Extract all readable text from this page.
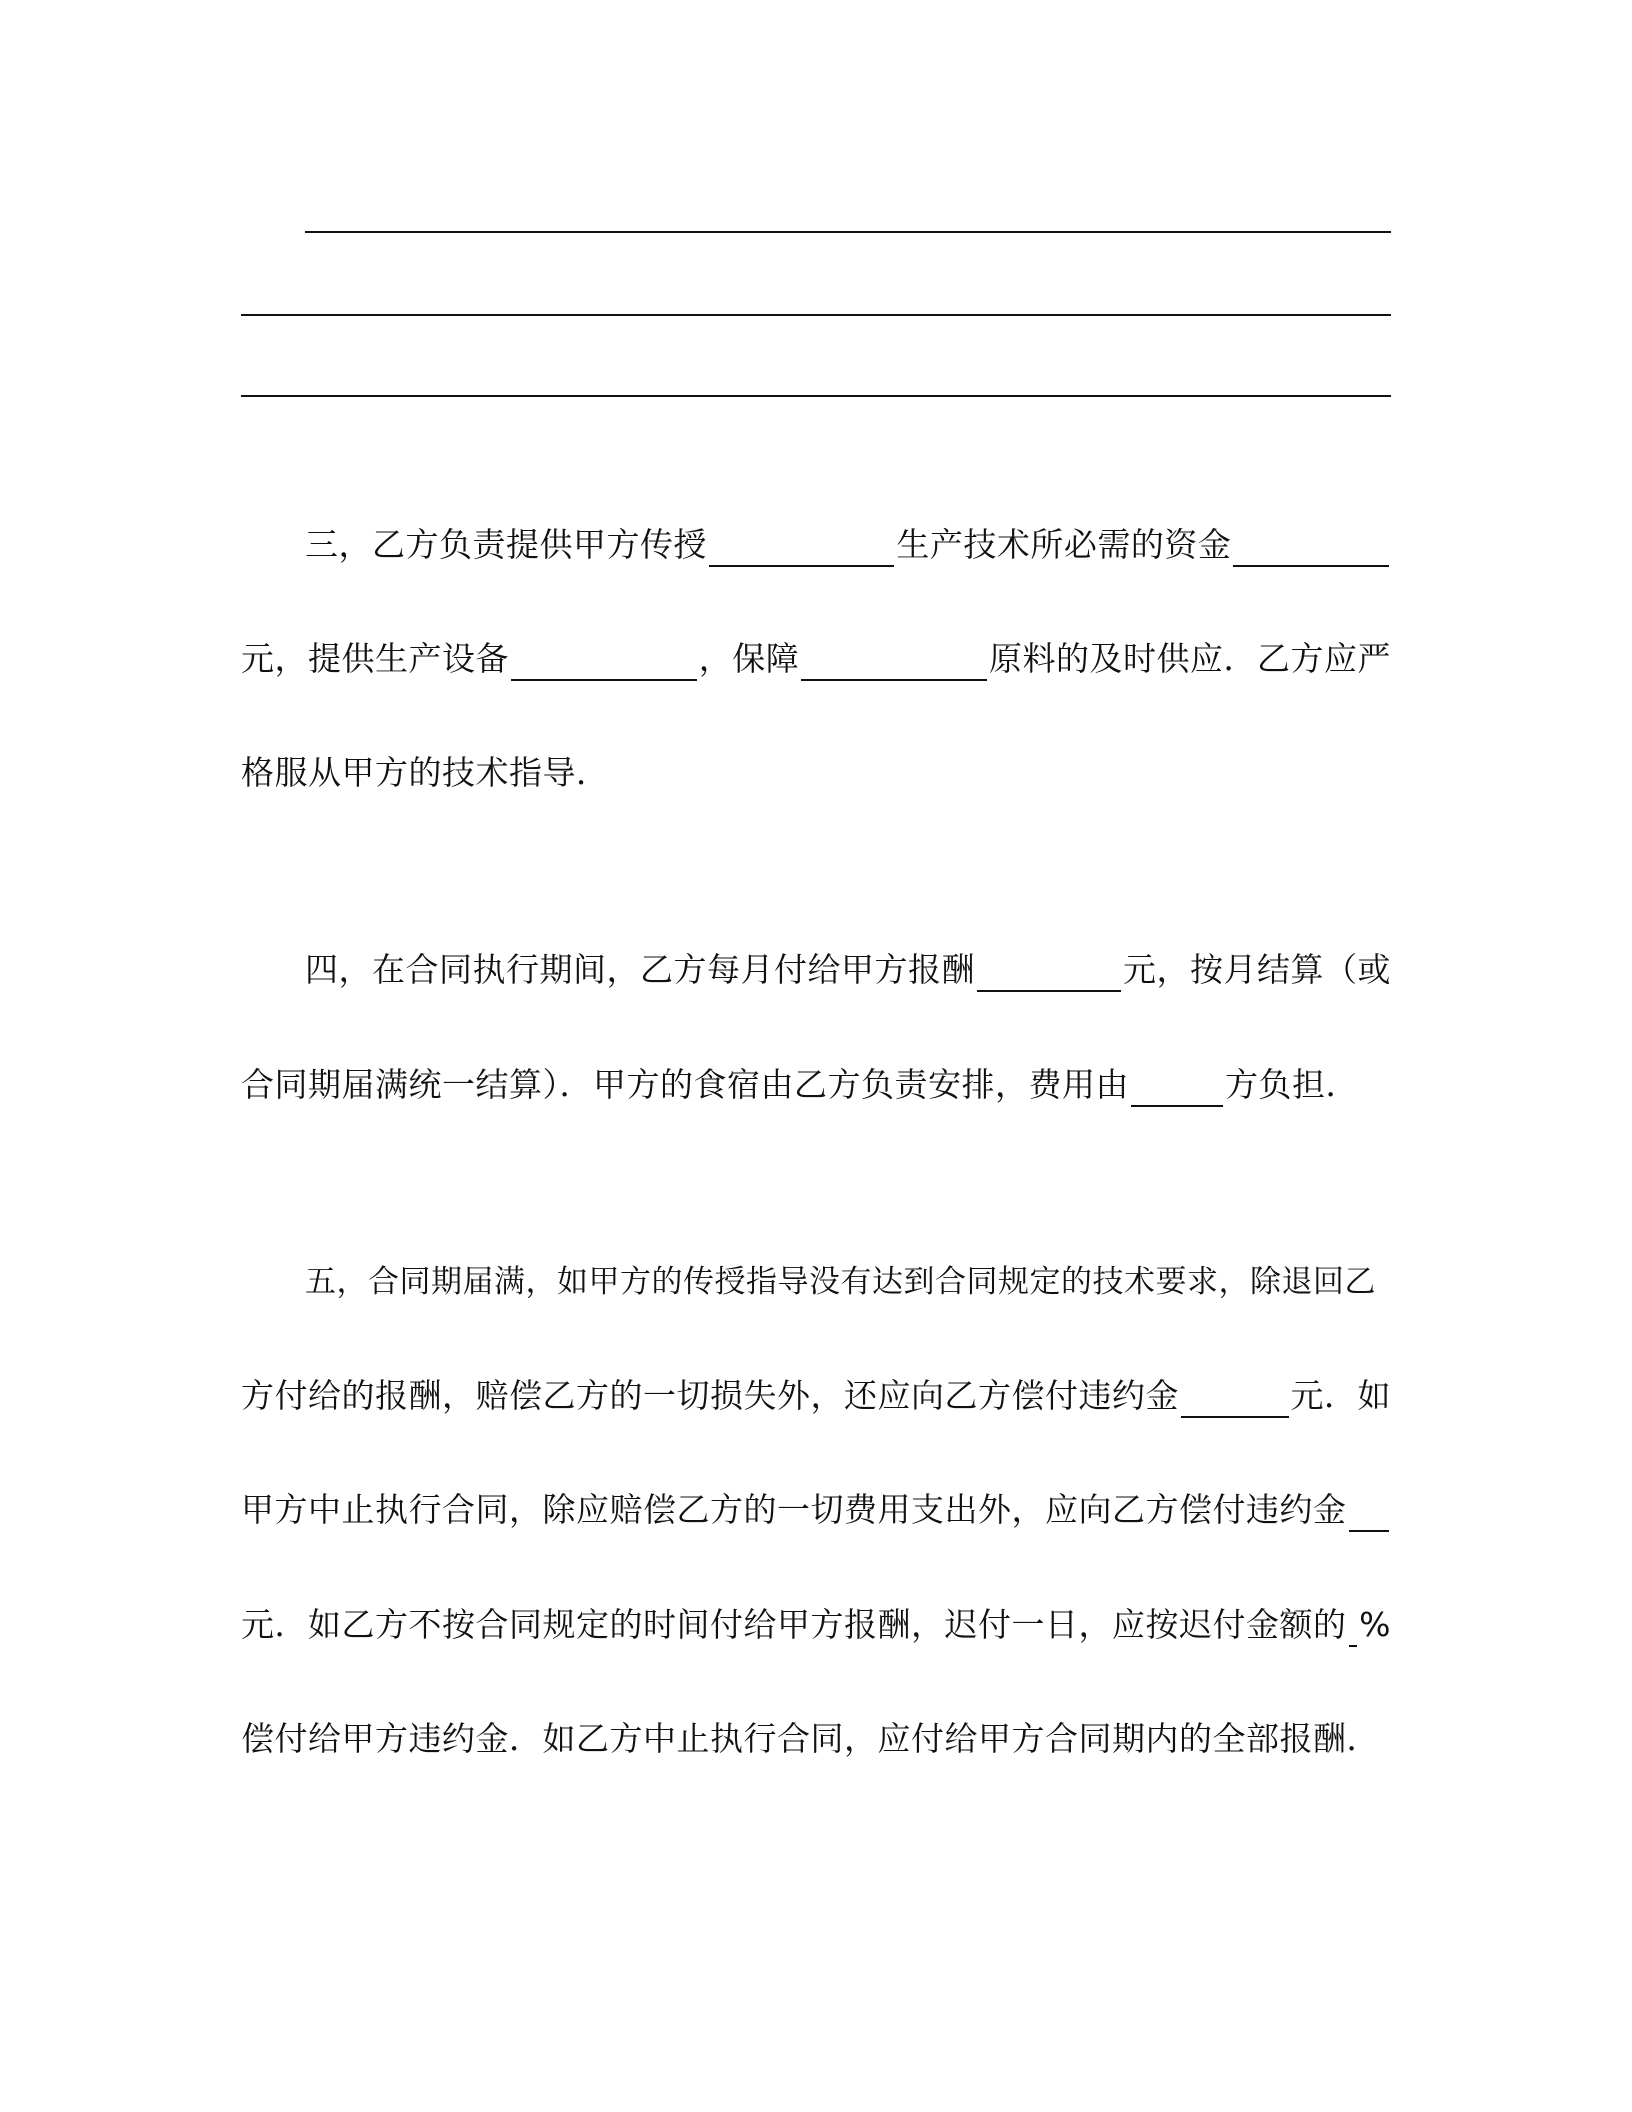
三，乙方负责提供甲方传授	生产技术所必需的资金
元，提供生产设备	，保障	原料的及时供应．乙方应严
格服从甲方的技术指导．
四，在合同执行期间，乙方每月付给甲方报酬	元，按月结算（或
合同期届满统一结算）．甲方的食宿由乙方负责安排，费用由	方负担．
五，合同期届满，如甲方的传授指导没有达到合同规定的技术要求，除退回乙
方付给的报酬，赔偿乙方的一切损失外，还应向乙方偿付违约金	元．如
甲方中止执行合同，除应赔偿乙方的一切费用支出外，应向乙方偿付违约金
元．如乙方不按合同规定的时间付给甲方报酬，迟付一日，应按迟付金额的 %
偿付给甲方违约金．如乙方中止执行合同，应付给甲方合同期内的全部报酬．
